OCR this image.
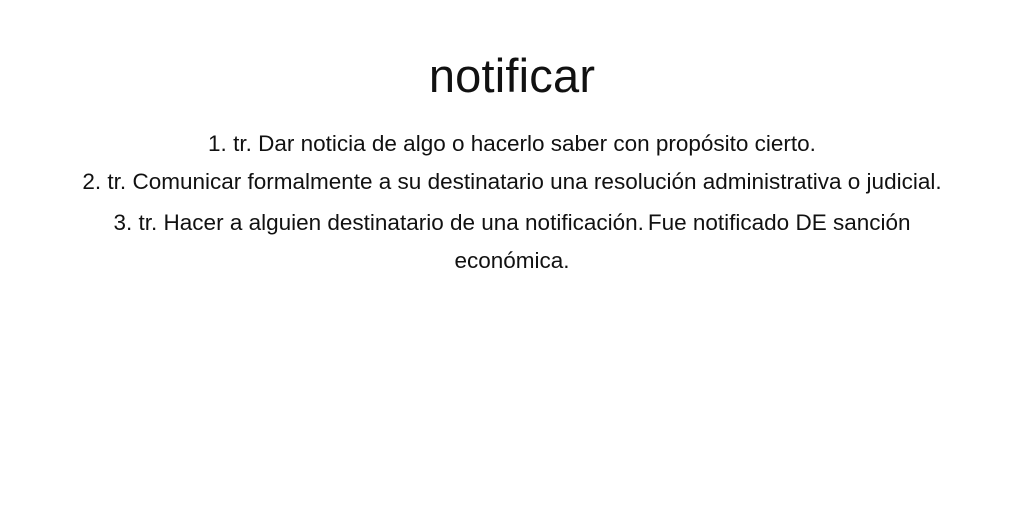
notificar
1. tr. Dar noticia de algo o hacerlo saber con propósito cierto.
2. tr. Comunicar formalmente a su destinatario una resolución administrativa o judicial.
3. tr. Hacer a alguien destinatario de una notificación. Fue notificado DE sanción económica.
